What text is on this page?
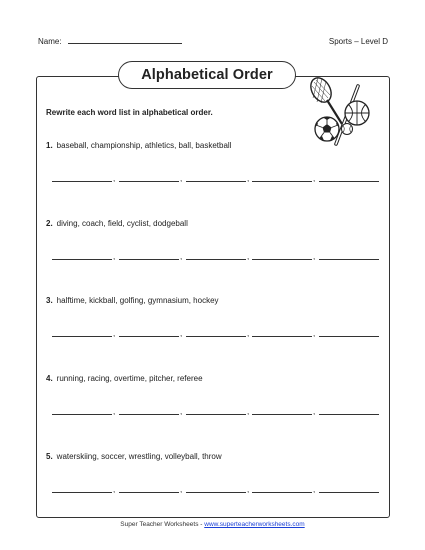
Name:	Sports – Level D
Alphabetical Order
Rewrite each word list in alphabetical order.
1. baseball, championship, athletics, ball, basketball
,	,	,	,
2. diving, coach, field, cyclist, dodgeball
,	,	,	,
3. halftime, kickball, golfing, gymnasium, hockey
,	,	,	,
4. running, racing, overtime, pitcher, referee
,	,	,	,
5. waterskiing, soccer, wrestling, volleyball, throw
,	,	,	,
Super Teacher Worksheets - www.superteacherworksheets.com
